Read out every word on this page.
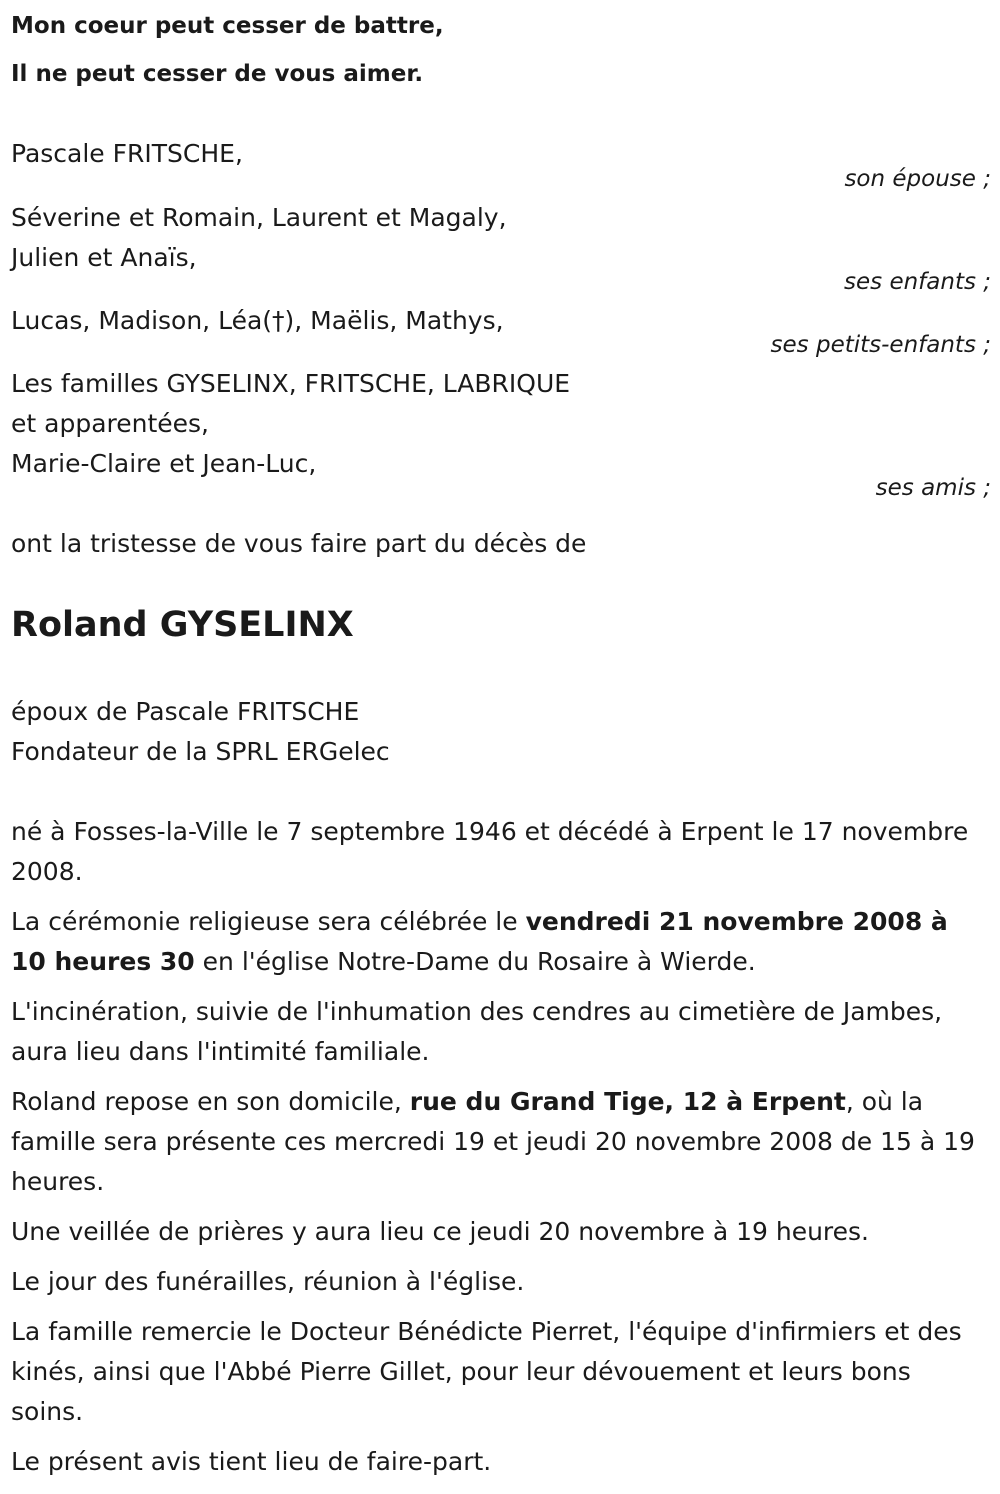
Mon coeur peut cesser de battre,

Il ne peut cesser de vous aimer.

Pascale FRITSCHE,

son épouse ;

Séverine et Romain, Laurent et Magaly,

Julien et Anaïs,

ses enfants ;

Lucas, Madison, Léa(†), Maëlis, Mathys,

ses petits-enfants ;

Les familles GYSELINX, FRITSCHE, LABRIQUE

et apparentées,

Marie-Claire et Jean-Luc,

ses amis ;

ont la tristesse de vous faire part du décès de

Roland GYSELINX

époux de Pascale FRITSCHE

Fondateur de la SPRL ERGelec

né à Fosses-la-Ville le 7 septembre 1946 et décédé à Erpent le 17 novembre 2008.

La cérémonie religieuse sera célébrée le vendredi 21 novembre 2008 à 10 heures 30 en l'église Notre-Dame du Rosaire à Wierde.

L'incinération, suivie de l'inhumation des cendres au cimetière de Jambes, aura lieu dans l'intimité familiale.

Roland repose en son domicile, rue du Grand Tige, 12 à Erpent, où la famille sera présente ces mercredi 19 et jeudi 20 novembre 2008 de 15 à 19 heures.

Une veillée de prières y aura lieu ce jeudi 20 novembre à 19 heures.

Le jour des funérailles, réunion à l'église.

La famille remercie le Docteur Bénédicte Pierret, l'équipe d'infirmiers et des kinés, ainsi que l'Abbé Pierre Gillet, pour leur dévouement et leurs bons soins.

Le présent avis tient lieu de faire-part.
